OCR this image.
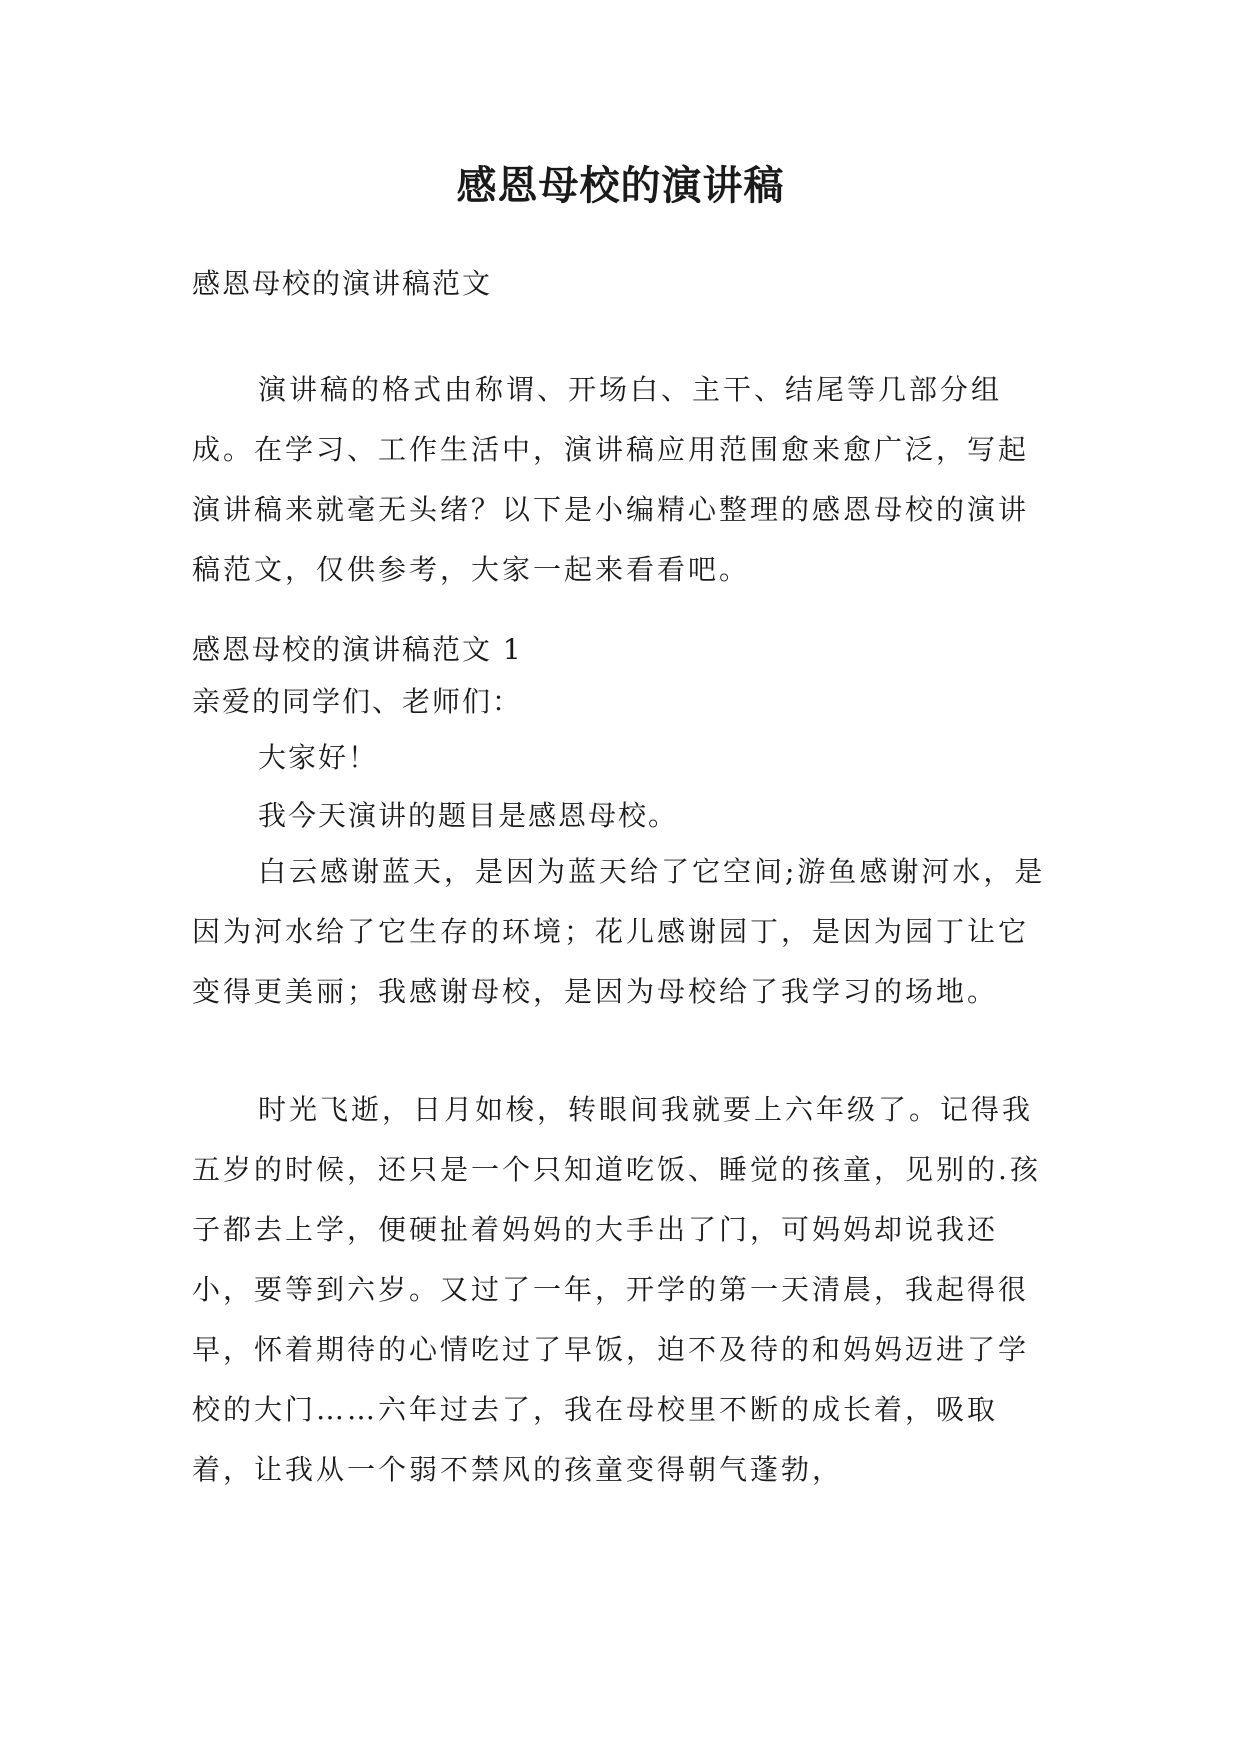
感恩母校的演讲稿

感恩母校的演讲稿范文

演讲稿的格式由称谓、开场白、主干、结尾等几部分组成。在学习、工作生活中，演讲稿应用范围愈来愈广泛，写起演讲稿来就毫无头绪？以下是小编精心整理的感恩母校的演讲稿范文，仅供参考，大家一起来看看吧。

感恩母校的演讲稿范文 1

亲爱的同学们、老师们：

大家好！

我今天演讲的题目是感恩母校。

白云感谢蓝天，是因为蓝天给了它空间;游鱼感谢河水，是因为河水给了它生存的环境；花儿感谢园丁，是因为园丁让它变得更美丽；我感谢母校，是因为母校给了我学习的场地。

时光飞逝，日月如梭，转眼间我就要上六年级了。记得我五岁的时候，还只是一个只知道吃饭、睡觉的孩童，见别的.孩子都去上学，便硬扯着妈妈的大手出了门，可妈妈却说我还小，要等到六岁。又过了一年，开学的第一天清晨，我起得很早，怀着期待的心情吃过了早饭，迫不及待的和妈妈迈进了学校的大门……六年过去了，我在母校里不断的成长着，吸取着，让我从一个弱不禁风的孩童变得朝气蓬勃，
